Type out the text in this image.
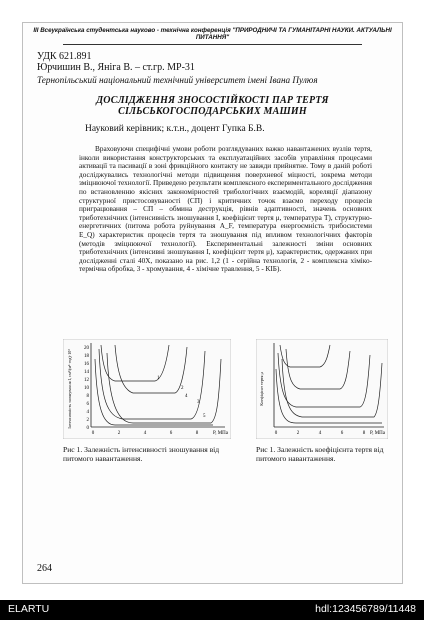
III Всеукраїнська студентська науково - технічна конференція "ПРИРОДНИЧІ ТА ГУМАНІТАРНІ НАУКИ. АКТУАЛЬНІ ПИТАННЯ"
УДК 621.891
Юрчишин В., Янiга В. – ст.гр. МР-31
Тернопільський національний технічний університет імені Івана Пулюя
ДОСЛІДЖЕННЯ ЗНОСОСТІЙКОСТІ ПАР ТЕРТЯ СІЛЬСЬКОГОСПОДАРСЬКИХ МАШИН
Науковий керівник; к.т.н., доцент Гупка Б.В.

Враховуючи специфічні умови роботи розглядуваних важко навантажених вузлів тертя, інколи використання конструкторських та експлуатаційних засобів управління процесами активації та пасивації в зоні фрикційного контакту не завжди прийнятне. Тому в даній роботі досліджувались технологічні методи підвищення поверхневої міцності, зокрема методи зміцнюючої технології. Приведено результати комплексного експериментального дослідження по встановленню якісних закономірностей трибологічних взаємодій, кореляції діапазону структурної пристосовуваності (СП) і критичних точок взаємо переходу процесів приграцювання – СП – обмина деструкція, рівнів адаптивності, значень основних триботехнічних (інтенсивність зношування I, коефіцієнт тертя μ, температура T), структурно-енергетичних (питома робота руйнування A_F, температура енергоємність трибосистеми E_Q) характеристик процесів тертя та зношування під впливом технологічних факторів (методів зміцнюючої технології). Експериментальні залежності зміни основних триботехнічних (інтенсивні зношування I, коефіцієнт тертя μ), характеристик, одержаних при дослідженні сталі 40Х, показано на рис. 1,2 (1 - серійна технологія, 2 - комплексна хіміко-термічна обробка, 3 - хромування, 4 - хімічне травлення, 5 - КІБ).

Інтенсивність зношування I, см³/(м²·год)·10³
20
18
16
14
12
10
8
6
4
2
0
0	2	4	6	8	P, МПа
1
2
3
4
5
Коефіцієнт тертя μ
0	2	4	6	8 P, МПа
Рис 1. Залежність інтенсивності зношування від питомого навантаження.
Рис 1. Залежність коефіцієнта тертя від питомого навантаження.
264
ELARTU	hdl:123456789/11448
